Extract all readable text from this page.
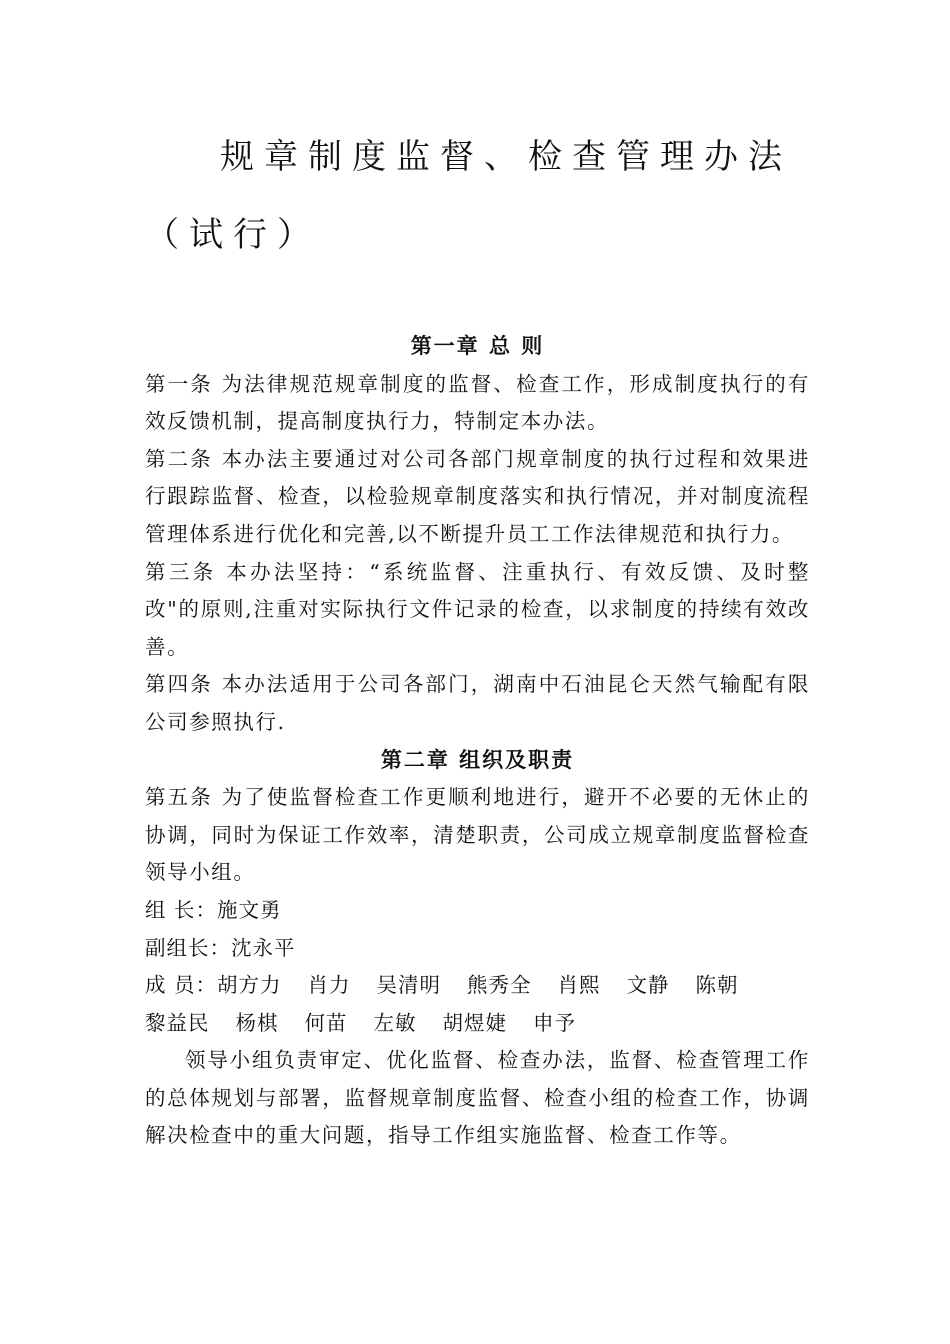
规章制度监督、检查管理办法（试行）
第一章 总 则

第一条 为法律规范规章制度的监督、检查工作，形成制度执行的有效反馈机制，提高制度执行力，特制定本办法。

第二条 本办法主要通过对公司各部门规章制度的执行过程和效果进行跟踪监督、检查，以检验规章制度落实和执行情况，并对制度流程管理体系进行优化和完善,以不断提升员工工作法律规范和执行力。

第三条 本办法坚持：“系统监督、注重执行、有效反馈、及时整改"的原则,注重对实际执行文件记录的检查，以求制度的持续有效改善。

第四条 本办法适用于公司各部门，湖南中石油昆仑天然气输配有限公司参照执行.

第二章 组织及职责

第五条 为了使监督检查工作更顺利地进行，避开不必要的无休止的协调，同时为保证工作效率，清楚职责，公司成立规章制度监督检查领导小组。

组 长：施文勇

副组长：沈永平

成 员：胡方力 肖力 吴清明 熊秀全 肖熙 文静 陈朝

黎益民 杨棋 何苗 左敏 胡煜婕 申予

领导小组负责审定、优化监督、检查办法，监督、检查管理工作的总体规划与部署，监督规章制度监督、检查小组的检查工作，协调解决检查中的重大问题，指导工作组实施监督、检查工作等。
